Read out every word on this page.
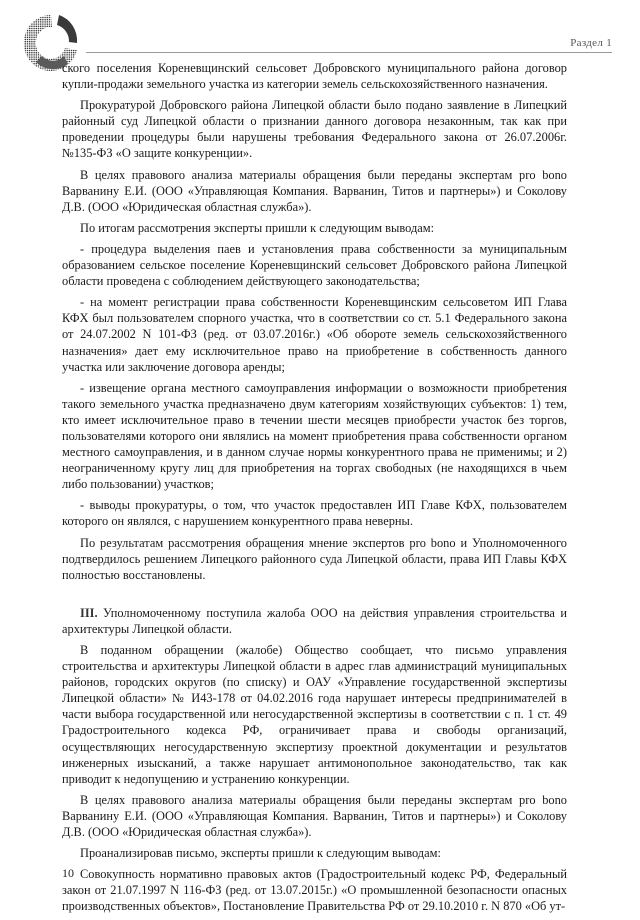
Раздел 1

ского поселения Кореневщинский сельсовет Добровского муниципального района договор купли-продажи земельного участка из категории земель сельскохозяйственного назначения.

Прокуратурой Добровского района Липецкой области было подано заявление в Липецкий районный суд Липецкой области о признании данного договора незаконным, так как при проведении процедуры были нарушены требования Федерального закона от 26.07.2006г. №135-ФЗ «О защите конкуренции».

В целях правового анализа материалы обращения были переданы экспертам pro bono Варванину Е.И. (ООО «Управляющая Компания. Варванин, Титов и партнеры») и Соколову Д.В. (ООО «Юридическая областная служба»).

По итогам рассмотрения эксперты пришли к следующим выводам:

- процедура выделения паев и установления права собственности за муниципальным образованием сельское поселение Кореневщинский сельсовет Добровского района Липецкой области проведена с соблюдением действующего законодательства;

- на момент регистрации права собственности Кореневщинским сельсоветом ИП Глава КФХ был пользователем спорного участка, что в соответствии со ст. 5.1 Федерального закона от 24.07.2002 N 101-ФЗ (ред. от 03.07.2016г.) «Об обороте земель сельскохозяйственного назначения» дает ему исключительное право на приобретение в собственность данного участка или заключение договора аренды;

- извещение органа местного самоуправления информации о возможности приобретения такого земельного участка предназначено двум категориям хозяйствующих субъектов: 1) тем, кто имеет исключительное право в течении шести месяцев приобрести участок без торгов, пользователями которого они являлись на момент приобретения права собственности органом местного самоуправления, и в данном случае нормы конкурентного права не применимы; и 2) неограниченному кругу лиц для приобретения на торгах свободных (не находящихся в чьем либо пользовании) участков;

- выводы прокуратуры, о том, что участок предоставлен ИП Главе КФХ, пользователем которого он являлся, с нарушением конкурентного права неверны.

По результатам рассмотрения обращения мнение экспертов pro bono и Уполномоченного подтвердилось решением Липецкого районного суда Липецкой области, права ИП Главы КФХ полностью восстановлены.

III. Уполномоченному поступила жалоба ООО на действия управления строительства и архитектуры Липецкой области.

В поданном обращении (жалобе) Общество сообщает, что письмо управления строительства и архитектуры Липецкой области в адрес глав администраций муниципальных районов, городских округов (по списку) и ОАУ «Управление государственной экспертизы Липецкой области» № И43-178 от 04.02.2016 года нарушает интересы предпринимателей в части выбора государственной или негосударственной экспертизы в соответствии с п. 1 ст. 49 Градостроительного кодекса РФ, ограничивает права и свободы организаций, осуществляющих негосударственную экспертизу проектной документации и результатов инженерных изысканий, а также нарушает антимонопольное законодательство, так как приводит к недопущению и устранению конкуренции.

В целях правового анализа материалы обращения были переданы экспертам pro bono Варванину Е.И. (ООО «Управляющая Компания. Варванин, Титов и партнеры») и Соколову Д.В. (ООО «Юридическая областная служба»).

Проанализировав письмо, эксперты пришли к следующим выводам:

Совокупность нормативно правовых актов (Градостроительный кодекс РФ, Федеральный закон от 21.07.1997 N 116-ФЗ (ред. от 13.07.2015г.) «О промышленной безопасности опасных производственных объектов», Постановление Правительства РФ от 29.10.2010 г. N 870 «Об ут-

10
